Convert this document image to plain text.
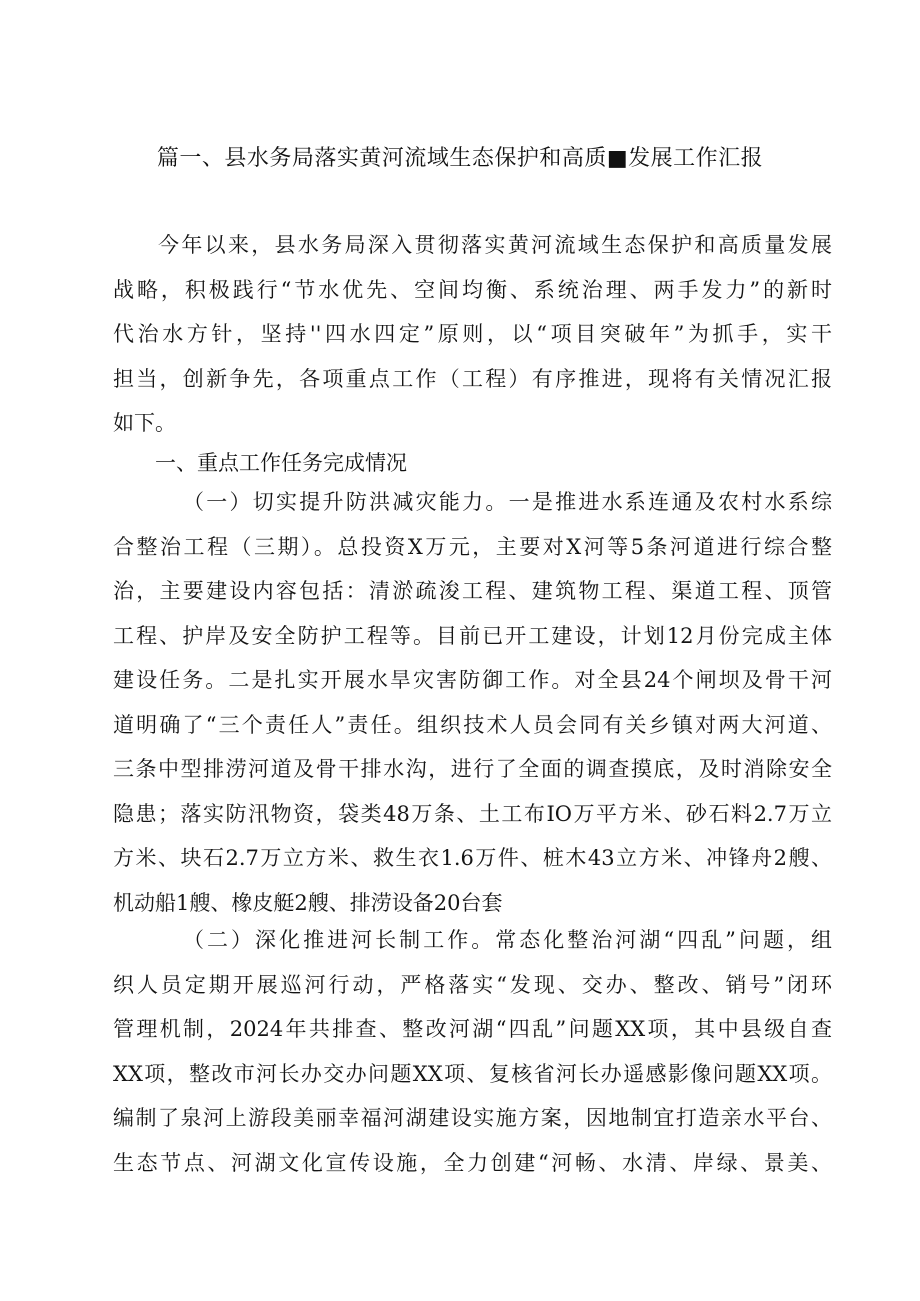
篇一、县水务局落实黄河流域生态保护和高质■发展工作汇报
今年以来，县水务局深入贯彻落实黄河流域生态保护和高质量发展
战略，积极践行“节水优先、空间均衡、系统治理、两手发力”的新时
代治水方针，坚持''四水四定”原则，以“项目突破年”为抓手，实干
担当，创新争先，各项重点工作（工程）有序推进，现将有关情况汇报
如下。
一、重点工作任务完成情况
（一）切实提升防洪减灾能力。一是推进水系连通及农村水系综
合整治工程（三期）。总投资X万元，主要对X河等5条河道进行综合整
治，主要建设内容包括：清淤疏浚工程、建筑物工程、渠道工程、顶管
工程、护岸及安全防护工程等。目前已开工建设，计划12月份完成主体
建设任务。二是扎实开展水旱灾害防御工作。对全县24个闸坝及骨干河
道明确了“三个责任人”责任。组织技术人员会同有关乡镇对两大河道、
三条中型排涝河道及骨干排水沟，进行了全面的调查摸底，及时消除安全
隐患；落实防汛物资，袋类48万条、土工布IO万平方米、砂石料2.7万立
方米、块石2.7万立方米、救生衣1.6万件、桩木43立方米、冲锋舟2艘、
机动船1艘、橡皮艇2艘、排涝设备20台套
（二）深化推进河长制工作。常态化整治河湖“四乱”问题，组
织人员定期开展巡河行动，严格落实“发现、交办、整改、销号”闭环
管理机制，2024年共排查、整改河湖“四乱”问题XX项，其中县级自查
XX项，整改市河长办交办问题XX项、复核省河长办遥感影像问题XX项。
编制了泉河上游段美丽幸福河湖建设实施方案，因地制宜打造亲水平台、
生态节点、河湖文化宣传设施，全力创建“河畅、水清、岸绿、景美、
